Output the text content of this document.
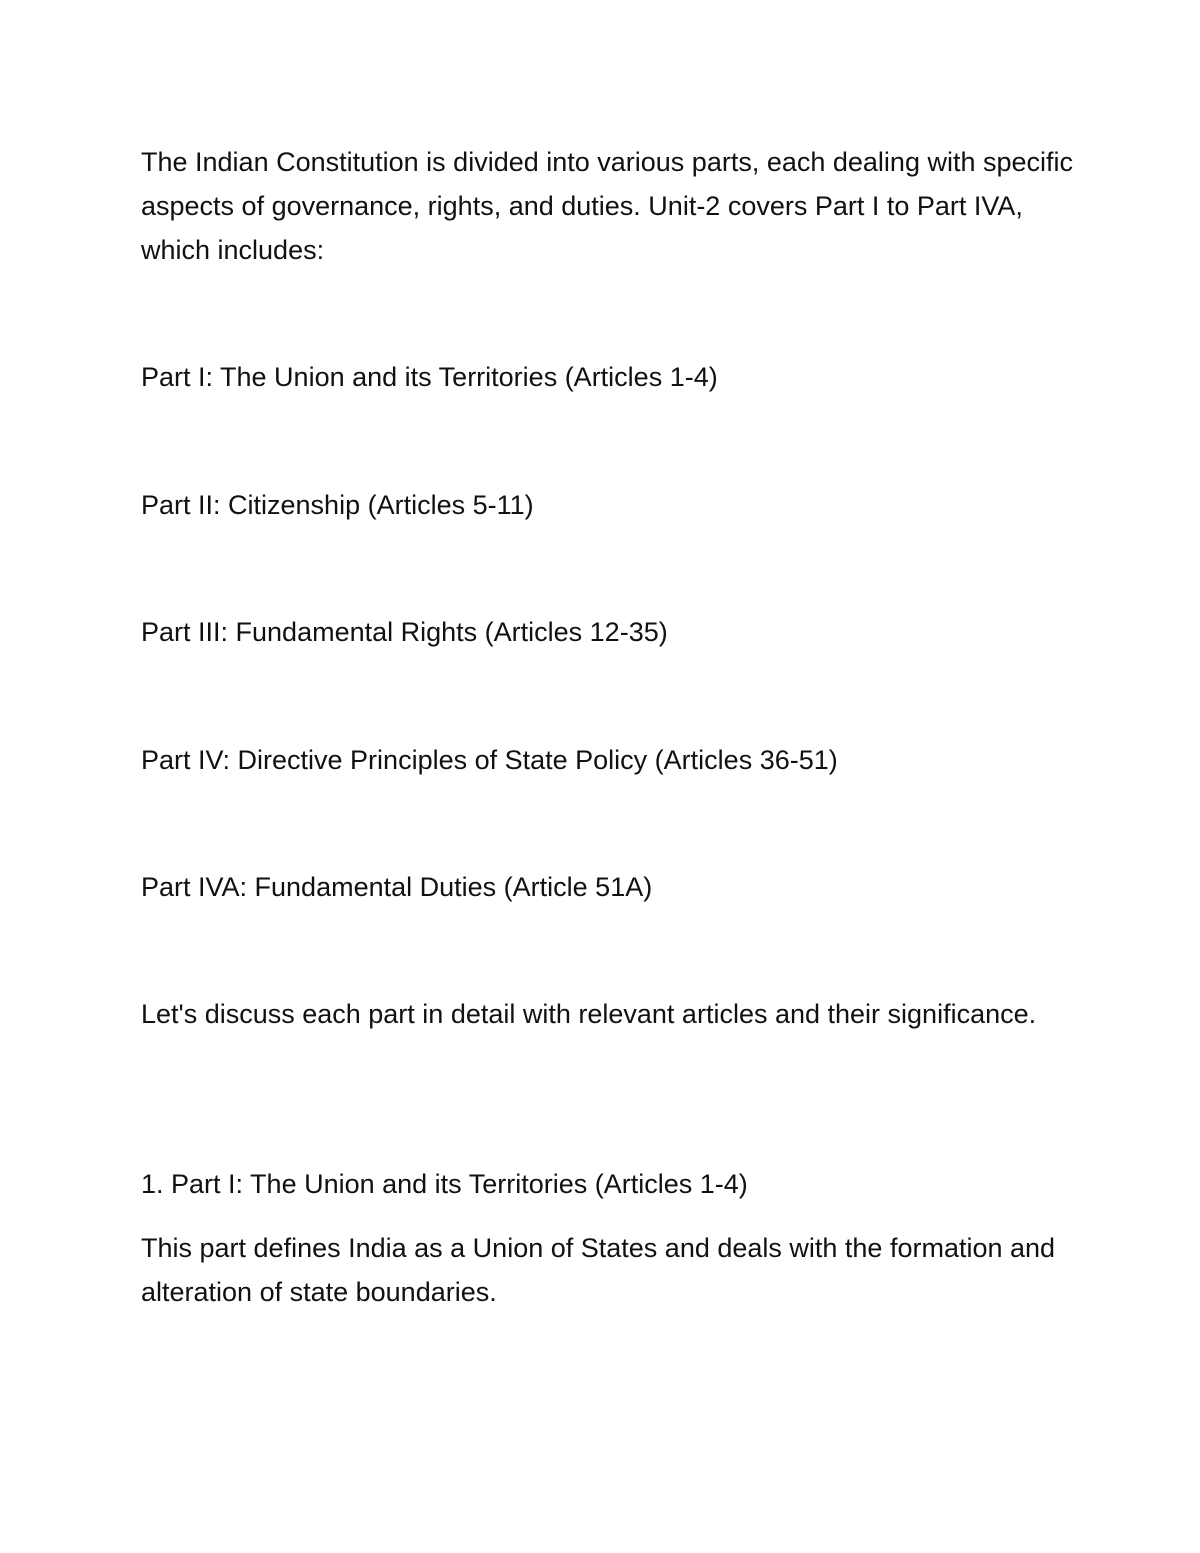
The Indian Constitution is divided into various parts, each dealing with specific aspects of governance, rights, and duties. Unit-2 covers Part I to Part IVA, which includes:

Part I: The Union and its Territories (Articles 1-4)

Part II: Citizenship (Articles 5-11)

Part III: Fundamental Rights (Articles 12-35)

Part IV: Directive Principles of State Policy (Articles 36-51)

Part IVA: Fundamental Duties (Article 51A)

Let's discuss each part in detail with relevant articles and their significance.

1. Part I: The Union and its Territories (Articles 1-4)

This part defines India as a Union of States and deals with the formation and alteration of state boundaries.
